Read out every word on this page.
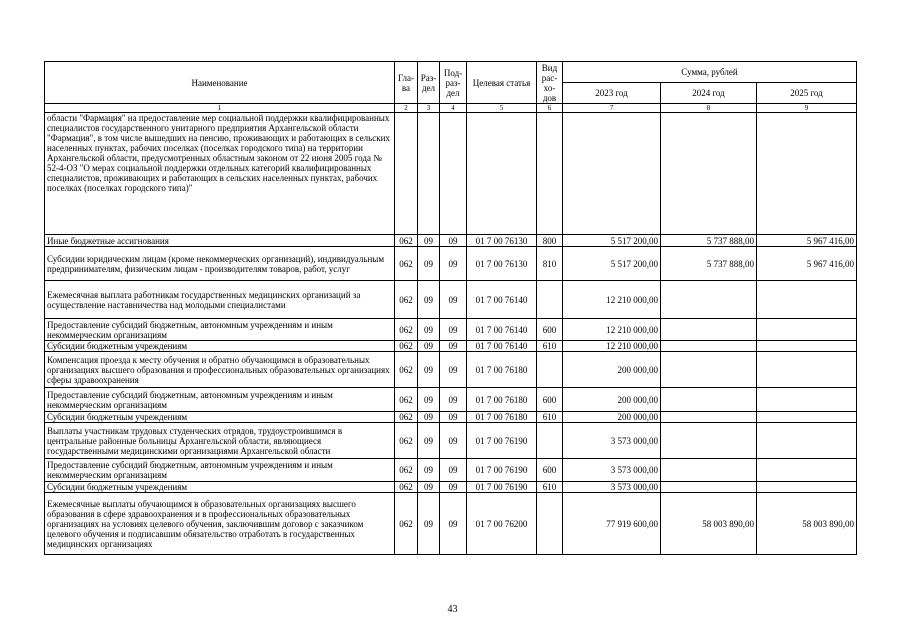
Наименование	Гла-ва	Раз-дел	Под-раз-дел	Целевая статья	Вид рас-хо-дов	Сумма, рублей		
						2023 год	2024 год	2025 год
1	2	3	4	5	6	7	8	9
области "Фармация" на предоставление мер социальной поддержки квалифицированных специалистов государственного унитарного предприятия Архангельской области "Фармация", в том числе вышедших на пенсию, проживающих и работающих в сельских населенных пунктах, рабочих поселках (поселках городского типа) на территории Архангельской области, предусмотренных областным законом от 22 июня 2005 года № 52-4-ОЗ "О мерах социальной поддержки отдельных категорий квалифицированных специалистов, проживающих и работающих в сельских населенных пунктах, рабочих поселках (поселках городского типа)"								
Иные бюджетные ассигнования	062	09	09	01 7 00 76130	800	5 517 200,00	5 737 888,00	5 967 416,00
Субсидии юридическим лицам (кроме некоммерческих организаций), индивидуальным предпринимателям, физическим лицам - производителям товаров, работ, услуг	062	09	09	01 7 00 76130	810	5 517 200,00	5 737 888,00	5 967 416,00
Ежемесячная выплата работникам государственных медицинских организаций за осуществление наставничества над молодыми специалистами	062	09	09	01 7 00 76140		12 210 000,00		
Предоставление субсидий бюджетным, автономным учреждениям и иным некоммерческим организациям	062	09	09	01 7 00 76140	600	12 210 000,00		
Субсидии бюджетным учреждениям	062	09	09	01 7 00 76140	610	12 210 000,00		
Компенсация проезда к месту обучения и обратно обучающимся в образовательных организациях высшего образования и профессиональных образовательных организациях сферы здравоохранения	062	09	09	01 7 00 76180		200 000,00		
Предоставление субсидий бюджетным, автономным учреждениям и иным некоммерческим организациям	062	09	09	01 7 00 76180	600	200 000,00		
Субсидии бюджетным учреждениям	062	09	09	01 7 00 76180	610	200 000,00		
Выплаты участникам трудовых студенческих отрядов, трудоустроившимся в центральные районные больницы Архангельской области, являющиеся государственными медицинскими организациями Архангельской области	062	09	09	01 7 00 76190		3 573 000,00		
Предоставление субсидий бюджетным, автономным учреждениям и иным некоммерческим организациям	062	09	09	01 7 00 76190	600	3 573 000,00		
Субсидии бюджетным учреждениям	062	09	09	01 7 00 76190	610	3 573 000,00		
Ежемесячные выплаты обучающимся в образовательных организациях высшего образования в сфере здравоохранения и в профессиональных образовательных организациях на условиях целевого обучения, заключившим договор с заказчиком целевого обучения и подписавшим обязательство отработать в государственных медицинских организациях	062	09	09	01 7 00 76200		77 919 600,00	58 003 890,00	58 003 890,00
43
